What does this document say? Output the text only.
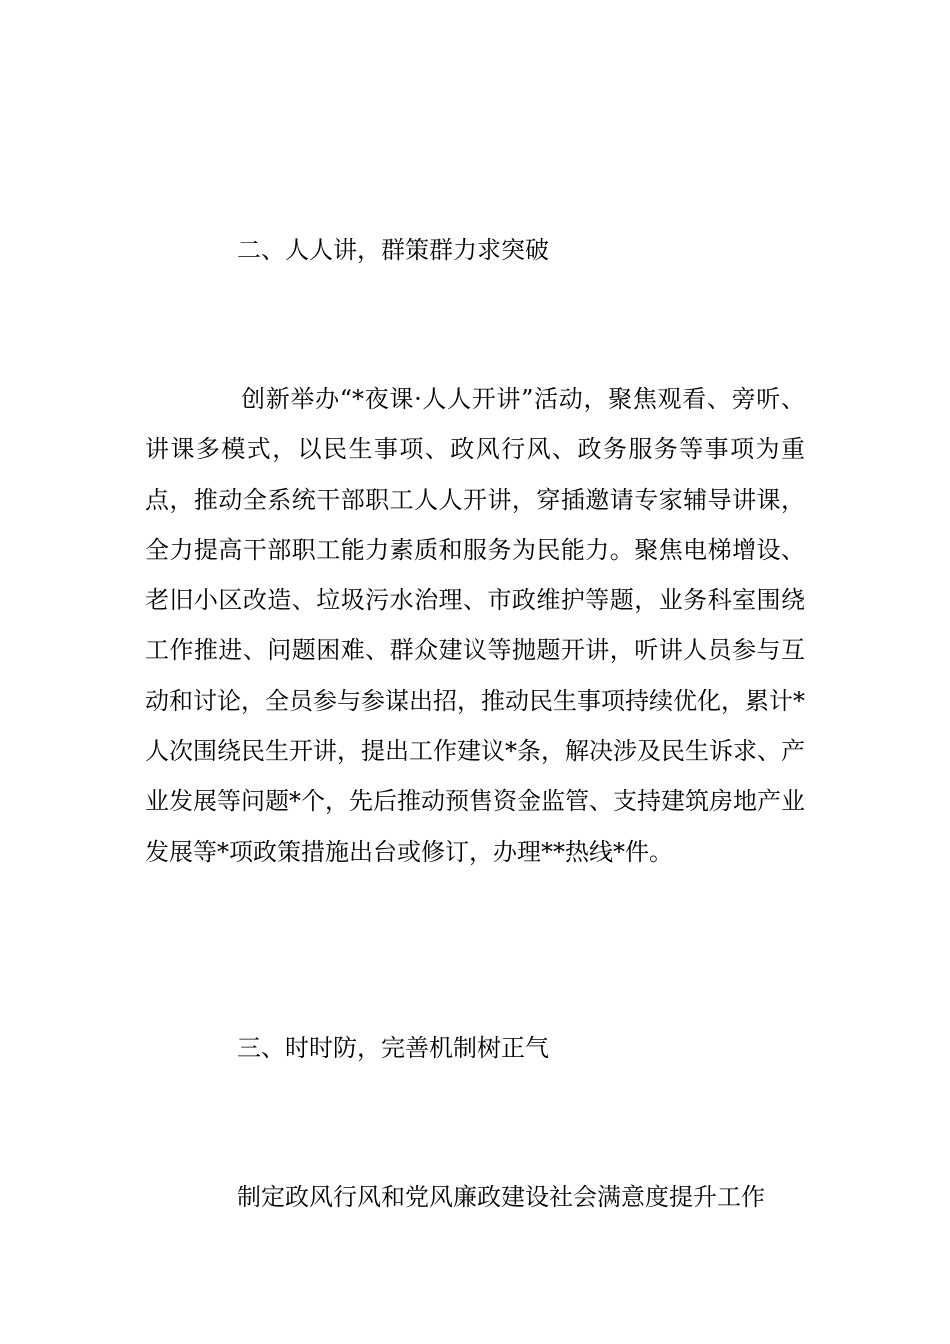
二、人人讲，群策群力求突破

创新举办“*夜课·人人开讲”活动，聚焦观看、旁听、讲课多模式，以民生事项、政风行风、政务服务等事项为重点，推动全系统干部职工人人开讲，穿插邀请专家辅导讲课，全力提高干部职工能力素质和服务为民能力。聚焦电梯增设、老旧小区改造、垃圾污水治理、市政维护等题，业务科室围绕工作推进、问题困难、群众建议等抛题开讲，听讲人员参与互动和讨论，全员参与参谋出招，推动民生事项持续优化，累计*人次围绕民生开讲，提出工作建议*条，解决涉及民生诉求、产业发展等问题*个，先后推动预售资金监管、支持建筑房地产业发展等*项政策措施出台或修订，办理**热线*件。

三、时时防，完善机制树正气
制定政风行风和党风廉政建设社会满意度提升工作
